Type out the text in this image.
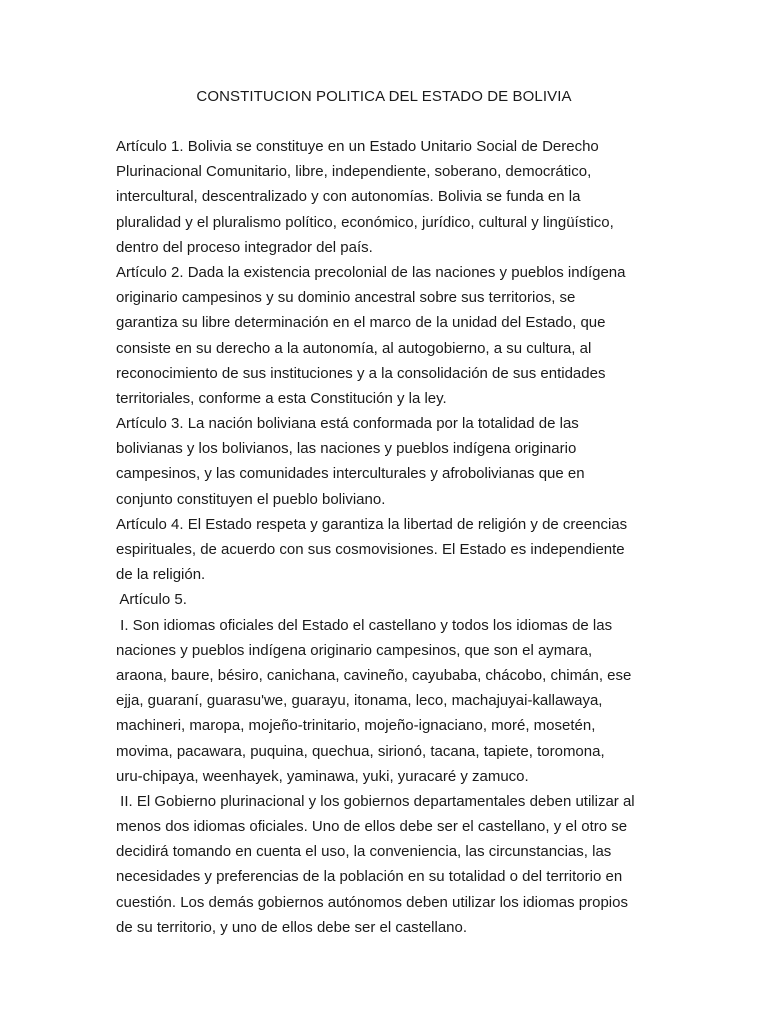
CONSTITUCION POLITICA DEL ESTADO DE BOLIVIA
Artículo 1. Bolivia se constituye en un Estado Unitario Social de Derecho
Plurinacional Comunitario, libre, independiente, soberano, democrático,
intercultural, descentralizado y con autonomías. Bolivia se funda en la
pluralidad y el pluralismo político, económico, jurídico, cultural y lingüístico,
dentro del proceso integrador del país.
Artículo 2. Dada la existencia precolonial de las naciones y pueblos indígena
originario campesinos y su dominio ancestral sobre sus territorios, se
garantiza su libre determinación en el marco de la unidad del Estado, que
consiste en su derecho a la autonomía, al autogobierno, a su cultura, al
reconocimiento de sus instituciones y a la consolidación de sus entidades
territoriales, conforme a esta Constitución y la ley.
Artículo 3. La nación boliviana está conformada por la totalidad de las
bolivianas y los bolivianos, las naciones y pueblos indígena originario
campesinos, y las comunidades interculturales y afrobolivianas que en
conjunto constituyen el pueblo boliviano.
Artículo 4. El Estado respeta y garantiza la libertad de religión y de creencias
espirituales, de acuerdo con sus cosmovisiones. El Estado es independiente
de la religión.
Artículo 5.
I. Son idiomas oficiales del Estado el castellano y todos los idiomas de las
naciones y pueblos indígena originario campesinos, que son el aymara,
araona, baure, bésiro, canichana, cavineño, cayubaba, chácobo, chimán, ese
ejja, guaraní, guarasu'we, guarayu, itonama, leco, machajuyai-kallawaya,
machineri, maropa, mojeño-trinitario, mojeño-ignaciano, moré, mosetén,
movima, pacawara, puquina, quechua, sirionó, tacana, tapiete, toromona,
uru-chipaya, weenhayek, yaminawa, yuki, yuracaré y zamuco.
II. El Gobierno plurinacional y los gobiernos departamentales deben utilizar al
menos dos idiomas oficiales. Uno de ellos debe ser el castellano, y el otro se
decidirá tomando en cuenta el uso, la conveniencia, las circunstancias, las
necesidades y preferencias de la población en su totalidad o del territorio en
cuestión. Los demás gobiernos autónomos deben utilizar los idiomas propios
de su territorio, y uno de ellos debe ser el castellano.
